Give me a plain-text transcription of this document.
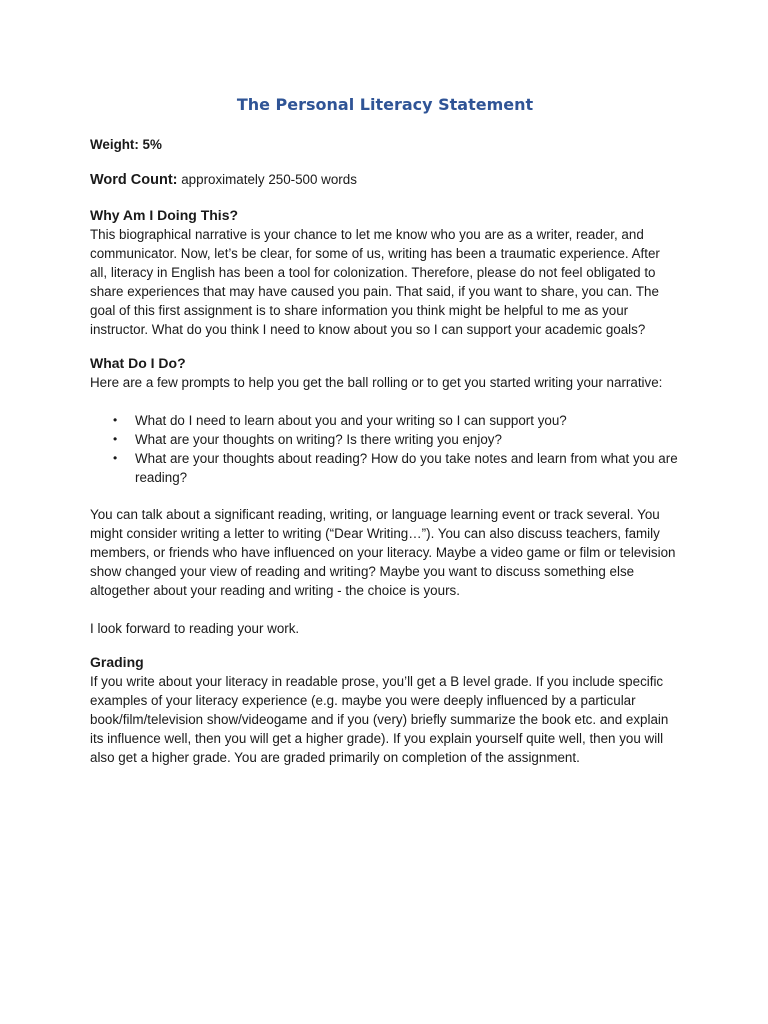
The Personal Literacy Statement
Weight: 5%
Word Count: approximately 250-500 words
Why Am I Doing This?

This biographical narrative is your chance to let me know who you are as a writer, reader, and communicator. Now, let’s be clear, for some of us, writing has been a traumatic experience. After all, literacy in English has been a tool for colonization. Therefore, please do not feel obligated to share experiences that may have caused you pain. That said, if you want to share, you can. The goal of this first assignment is to share information you think might be helpful to me as your instructor. What do you think I need to know about you so I can support your academic goals?

What Do I Do?

Here are a few prompts to help you get the ball rolling or to get you started writing your narrative:

• What do I need to learn about you and your writing so I can support you?
• What are your thoughts on writing? Is there writing you enjoy?
• What are your thoughts about reading? How do you take notes and learn from what you are reading?

You can talk about a significant reading, writing, or language learning event or track several. You might consider writing a letter to writing (“Dear Writing…”). You can also discuss teachers, family members, or friends who have influenced on your literacy. Maybe a video game or film or television show changed your view of reading and writing? Maybe you want to discuss something else altogether about your reading and writing - the choice is yours.

I look forward to reading your work.

Grading

If you write about your literacy in readable prose, you’ll get a B level grade. If you include specific examples of your literacy experience (e.g. maybe you were deeply influenced by a particular book/film/television show/videogame and if you (very) briefly summarize the book etc. and explain its influence well, then you will get a higher grade). If you explain yourself quite well, then you will also get a higher grade. You are graded primarily on completion of the assignment.
